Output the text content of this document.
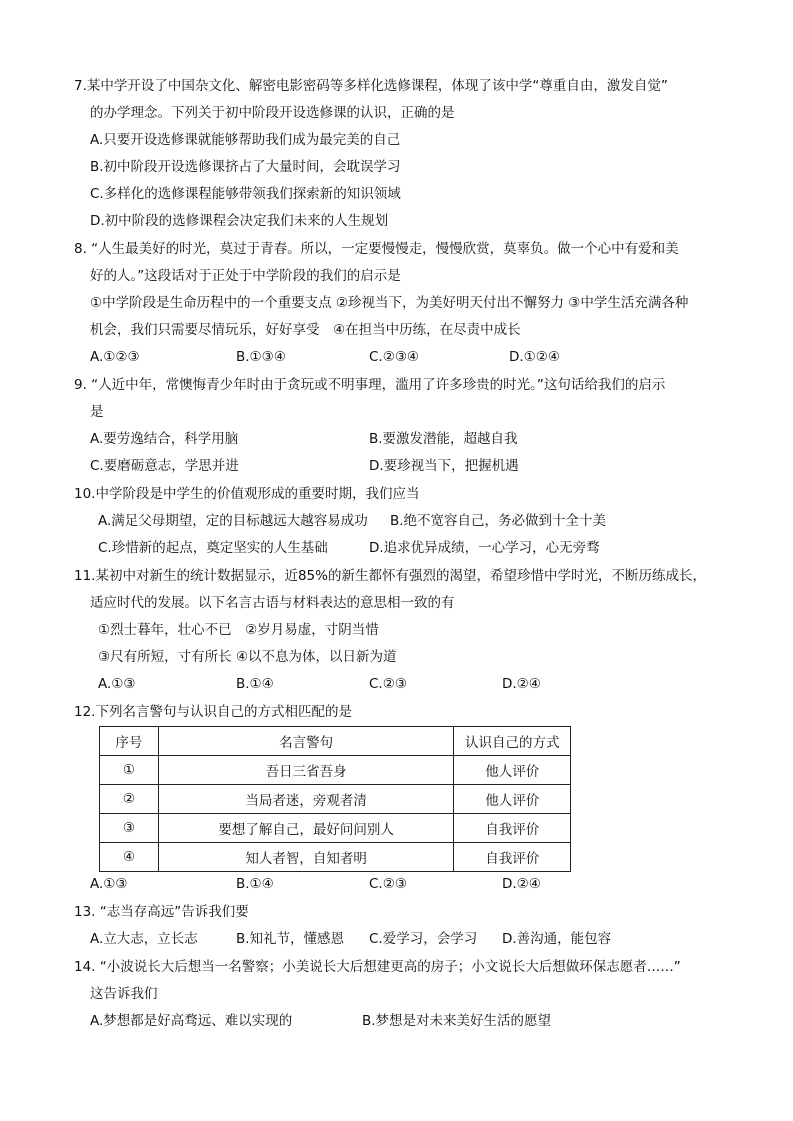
7.某中学开设了中国杂文化、解密电影密码等多样化选修课程，体现了该中学“尊重自由，激发自觉”
的办学理念。下列关于初中阶段开设选修课的认识，正确的是
A.只要开设选修课就能够帮助我们成为最完美的自己
B.初中阶段开设选修课挤占了大量时间，会耽误学习
C.多样化的选修课程能够带领我们探索新的知识领域
D.初中阶段的选修课程会决定我们未来的人生规划
8. “人生最美好的时光，莫过于青春。所以，一定要慢慢走，慢慢欣赏，莫辜负。做一个心中有爱和美
好的人。”这段话对于正处于中学阶段的我们的启示是
①中学阶段是生命历程中的一个重要支点 ②珍视当下，为美好明天付出不懈努力 ③中学生活充满各种
机会，我们只需要尽情玩乐，好好享受　④在担当中历练，在尽责中成长
A.①②③	B.①③④	C.②③④	D.①②④
9. “人近中年，常懊悔青少年时由于贪玩或不明事理，滥用了许多珍贵的时光。”这句话给我们的启示
是
A.要劳逸结合，科学用脑	B.要激发潜能，超越自我
C.要磨砺意志，学思并进	D.要珍视当下，把握机遇
10.中学阶段是中学生的价值观形成的重要时期，我们应当
A.满足父母期望，定的目标越远大越容易成功 B.绝不宽容自己，务必做到十全十美
C.珍惜新的起点，奠定坚实的人生基础	D.追求优异成绩，一心学习，心无旁骛
11.某初中对新生的统计数据显示，近85%的新生都怀有强烈的渴望，希望珍惜中学时光，不断历练成长，
适应时代的发展。以下名言古语与材料表达的意思相一致的有
①烈士暮年，壮心不已　②岁月易虚，寸阴当惜
③尺有所短，寸有所长 ④以不息为体，以日新为道
A.①③	B.①④	C.②③	D.②④
12.下列名言警句与认识自己的方式相匹配的是
序号	名言警句	认识自己的方式
①	吾日三省吾身	他人评价
②	当局者迷，旁观者清	他人评价
③	要想了解自己，最好问问别人	自我评价
④	知人者智，自知者明	自我评价
A.①③	B.①④	C.②③	D.②④
13. “志当存高远”告诉我们要
A.立大志，立长志	B.知礼节，懂感恩 C.爱学习，会学习 D.善沟通，能包容
14. “小波说长大后想当一名警察；小美说长大后想建更高的房子；小文说长大后想做环保志愿者……”
这告诉我们
A.梦想都是好高骛远、难以实现的	B.梦想是对未来美好生活的愿望
